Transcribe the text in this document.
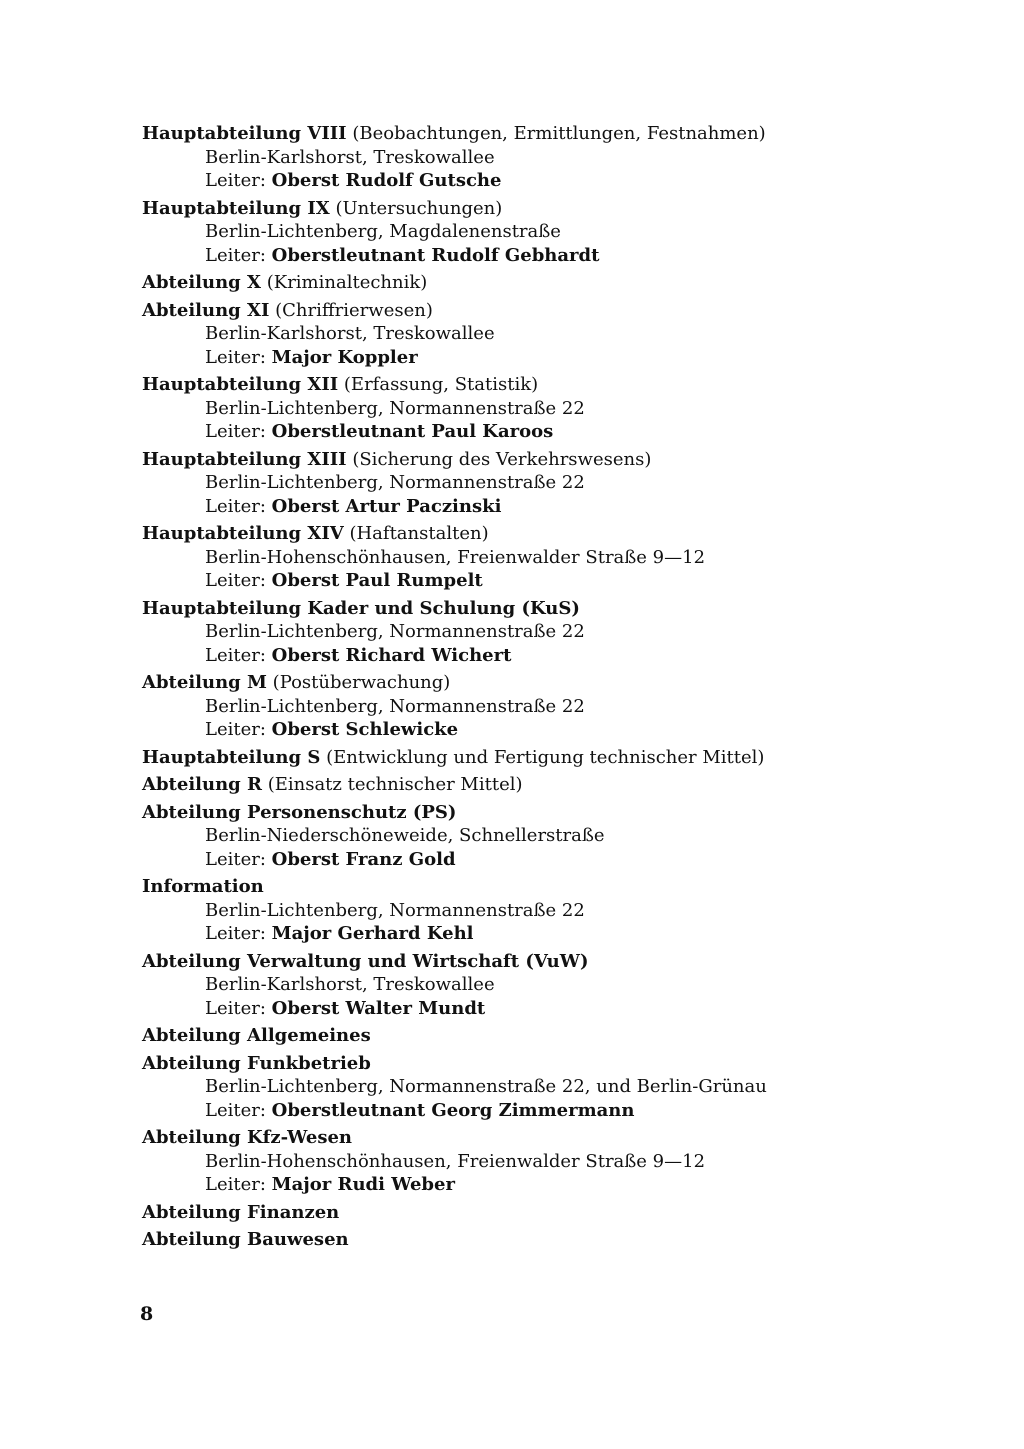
Hauptabteilung VIII (Beobachtungen, Ermittlungen, Festnahmen)
Berlin-Karlshorst, Treskowallee
Leiter: Oberst Rudolf Gutsche
Hauptabteilung IX (Untersuchungen)
Berlin-Lichtenberg, Magdalenenstraße
Leiter: Oberstleutnant Rudolf Gebhardt
Abteilung X (Kriminaltechnik)
Abteilung XI (Chriffrierwesen)
Berlin-Karlshorst, Treskowallee
Leiter: Major Koppler
Hauptabteilung XII (Erfassung, Statistik)
Berlin-Lichtenberg, Normannenstraße 22
Leiter: Oberstleutnant Paul Karoos
Hauptabteilung XIII (Sicherung des Verkehrswesens)
Berlin-Lichtenberg, Normannenstraße 22
Leiter: Oberst Artur Paczinski
Hauptabteilung XIV (Haftanstalten)
Berlin-Hohenschönhausen, Freienwalder Straße 9—12
Leiter: Oberst Paul Rumpelt
Hauptabteilung Kader und Schulung (KuS)
Berlin-Lichtenberg, Normannenstraße 22
Leiter: Oberst Richard Wichert
Abteilung M (Postüberwachung)
Berlin-Lichtenberg, Normannenstraße 22
Leiter: Oberst Schlewicke
Hauptabteilung S (Entwicklung und Fertigung technischer Mittel)
Abteilung R (Einsatz technischer Mittel)
Abteilung Personenschutz (PS)
Berlin-Niederschöneweide, Schnellerstraße
Leiter: Oberst Franz Gold
Information
Berlin-Lichtenberg, Normannenstraße 22
Leiter: Major Gerhard Kehl
Abteilung Verwaltung und Wirtschaft (VuW)
Berlin-Karlshorst, Treskowallee
Leiter: Oberst Walter Mundt
Abteilung Allgemeines
Abteilung Funkbetrieb
Berlin-Lichtenberg, Normannenstraße 22, und Berlin-Grünau
Leiter: Oberstleutnant Georg Zimmermann
Abteilung Kfz-Wesen
Berlin-Hohenschönhausen, Freienwalder Straße 9—12
Leiter: Major Rudi Weber
Abteilung Finanzen
Abteilung Bauwesen
8
